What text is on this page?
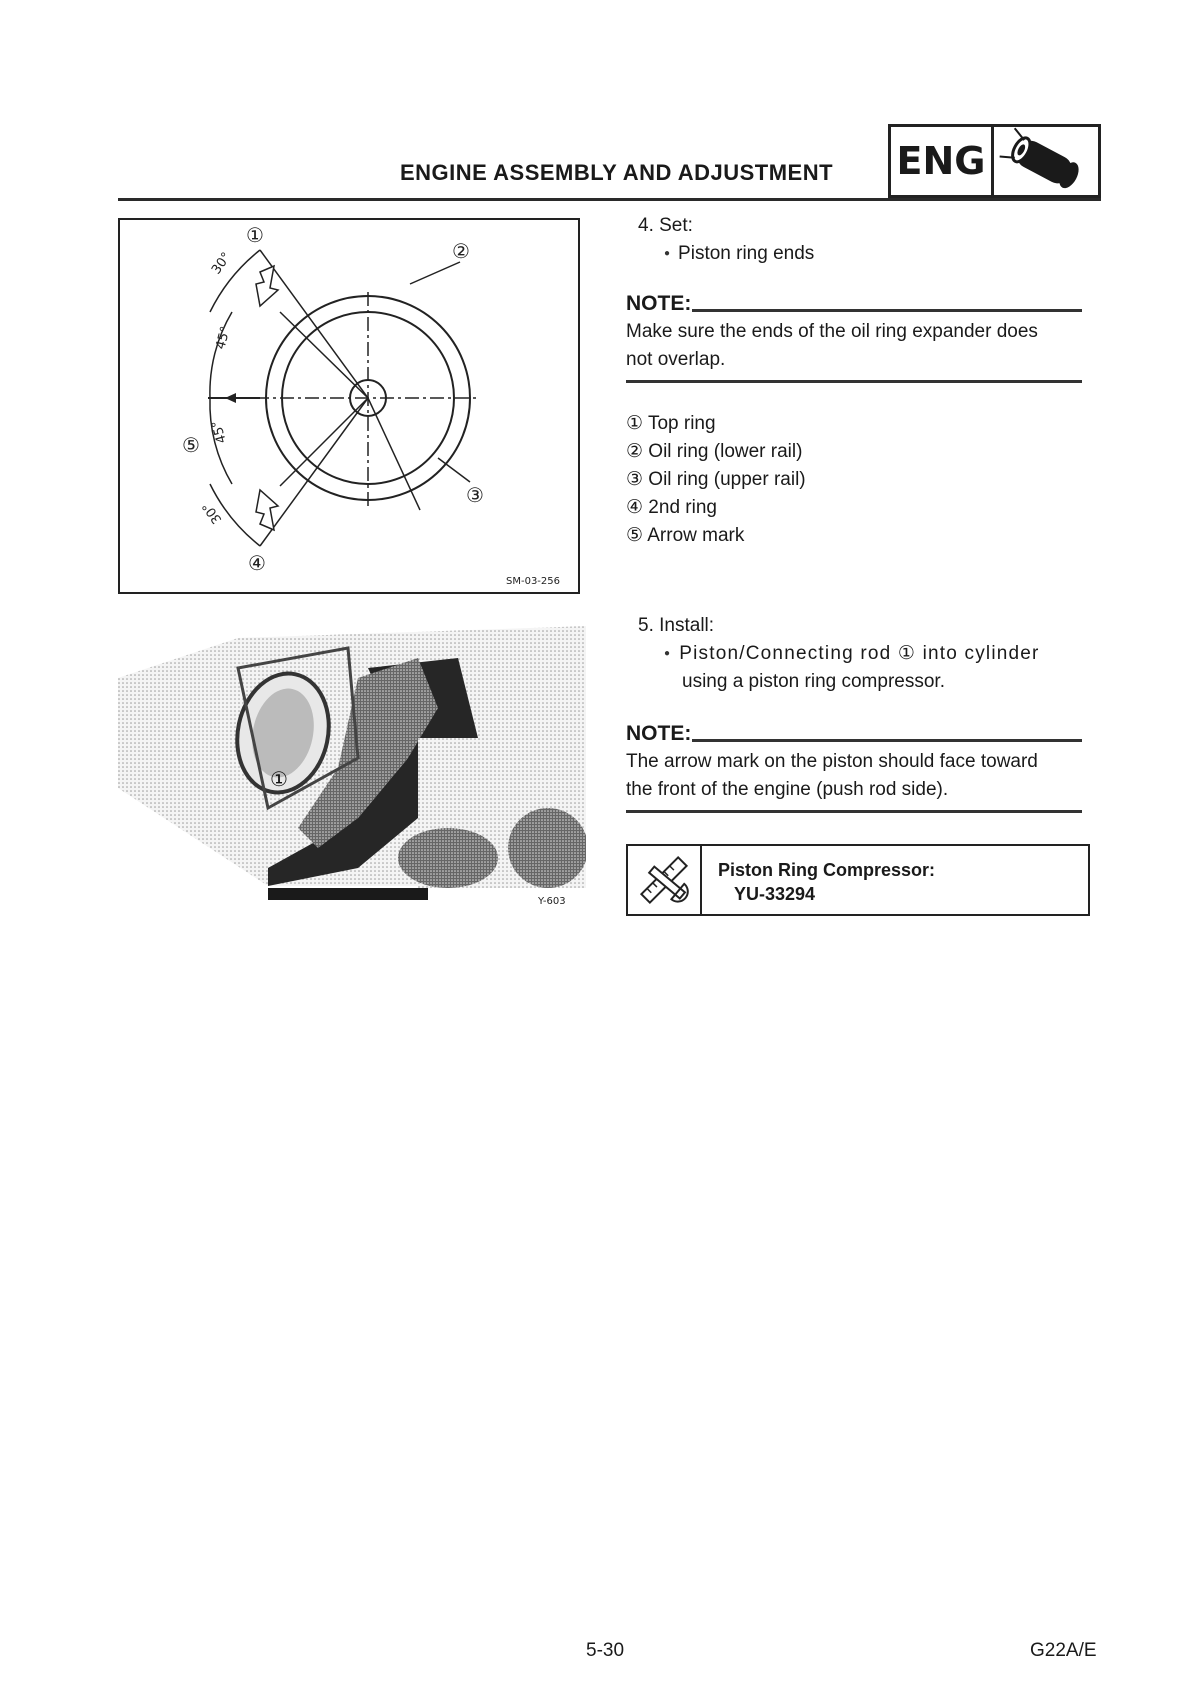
ENGINE ASSEMBLY AND ADJUSTMENT ENG
30°
45°
45°
30°
①
②
③
④
⑤
SM-03-256
①
Y-603
4. Set:
● Piston ring ends
NOTE:
Make sure the ends of the oil ring expander does
not overlap.
① Top ring
② Oil ring (lower rail)
③ Oil ring (upper rail)
④ 2nd ring
⑤ Arrow mark
5. Install:
● Piston/Connecting rod ① into cylinder
using a piston ring compressor.
NOTE:
The arrow mark on the piston should face toward
the front of the engine (push rod side).
Piston Ring Compressor:
YU-33294
5-30	G22A/E
